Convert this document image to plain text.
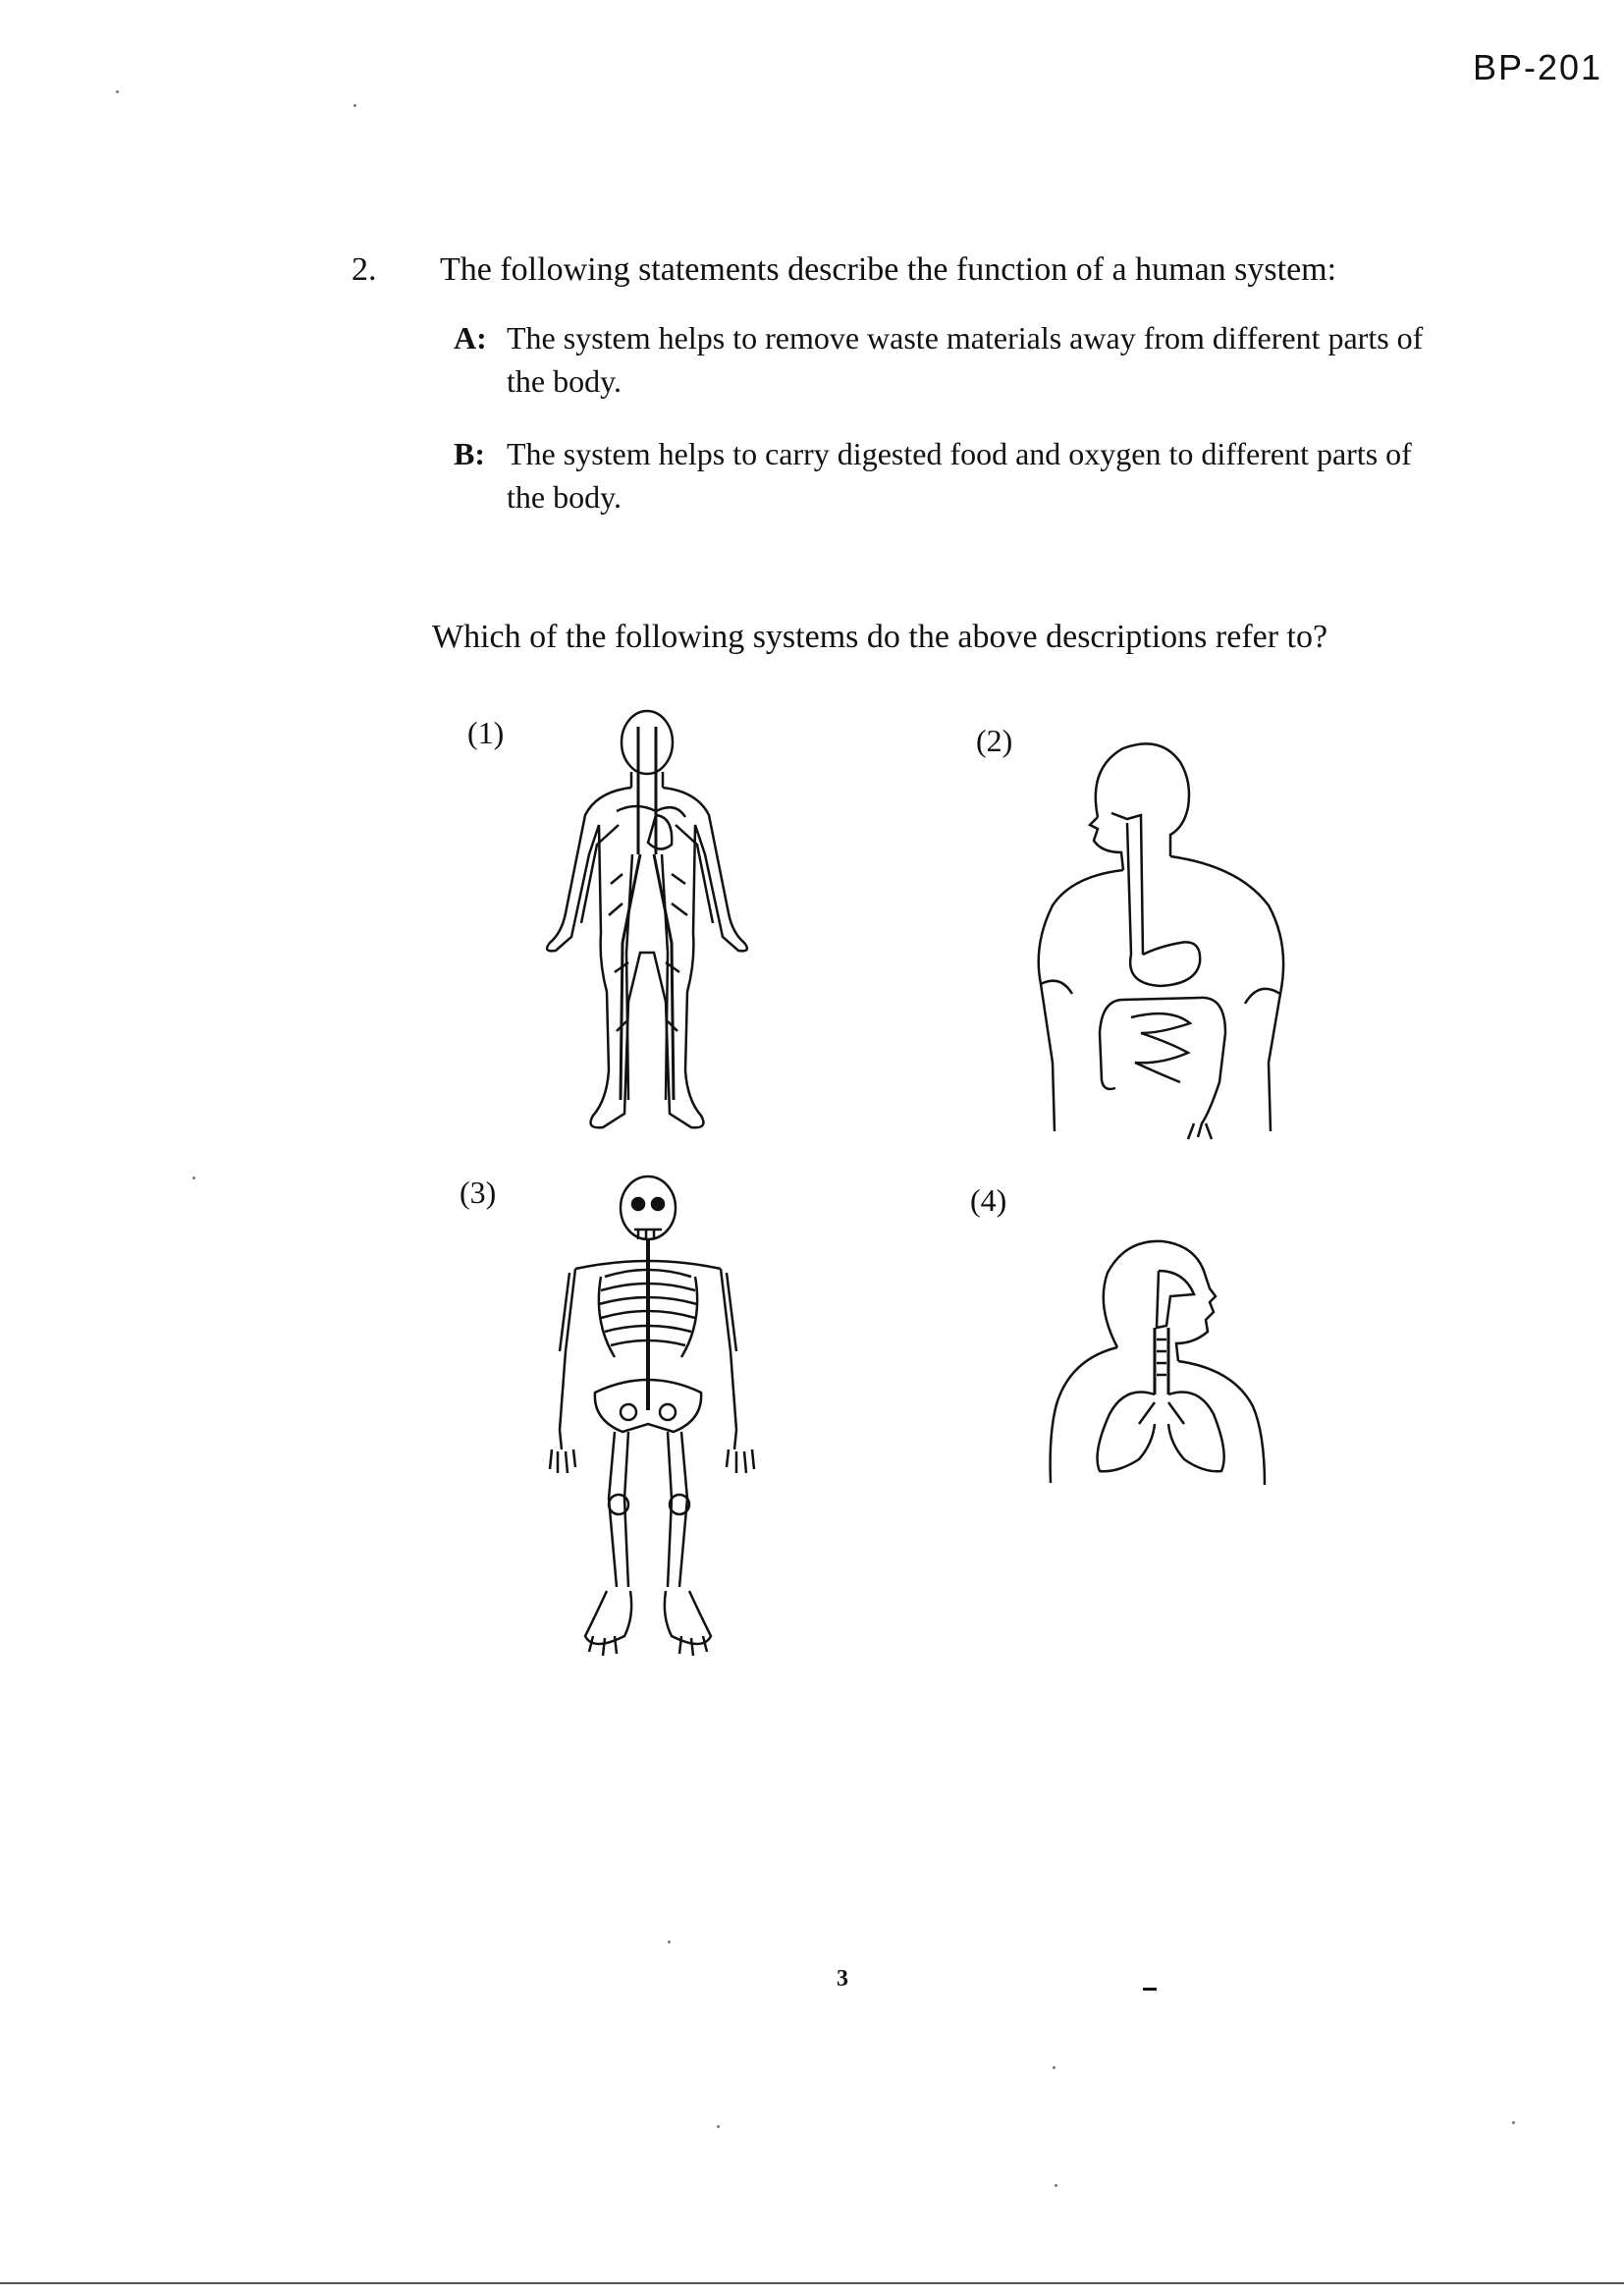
BP-201
2. The following statements describe the function of a human system:
A: The system helps to remove waste materials away from different parts of the body.
B: The system helps to carry digested food and oxygen to different parts of the body.
Which of the following systems do the above descriptions refer to?
(1)	(2)
(3)	(4)
3
